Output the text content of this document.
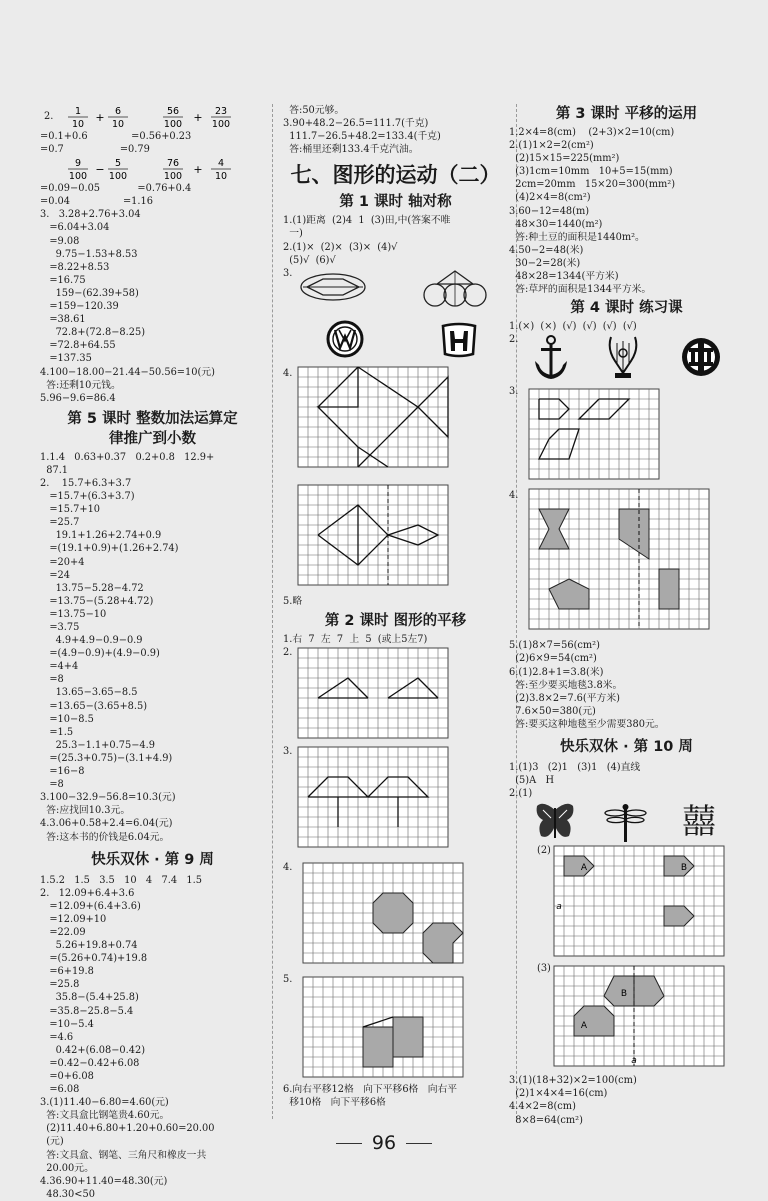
2. 1
10
+ 6
10
56
100
+ 23
100
=0.1+0.6              =0.56+0.23
=0.7                  =0.79
9
100
− 5
100
76
100
+ 4
10
=0.09−0.05            =0.76+0.4
=0.04                 =1.16
3.   3.28+2.76+3.04
=6.04+3.04
=9.08
9.75−1.53+8.53
=8.22+8.53
=16.75
159−(62.39+58)
=159−120.39
=38.61
72.8+(72.8−8.25)
=72.8+64.55
=137.35
4.100−18.00−21.44−50.56=10(元)
答:还剩10元钱。
5.96−9.6=86.4
第 5 课时 整数加法运算定
律推广到小数
1.1.4   0.63+0.37   0.2+0.8   12.9+
87.1
2.    15.7+6.3+3.7
=15.7+(6.3+3.7)
=15.7+10
=25.7
19.1+1.26+2.74+0.9
=(19.1+0.9)+(1.26+2.74)
=20+4
=24
13.75−5.28−4.72
=13.75−(5.28+4.72)
=13.75−10
=3.75
4.9+4.9−0.9−0.9
=(4.9−0.9)+(4.9−0.9)
=4+4
=8
13.65−3.65−8.5
=13.65−(3.65+8.5)
=10−8.5
=1.5
25.3−1.1+0.75−4.9
=(25.3+0.75)−(3.1+4.9)
=16−8
=8
3.100−32.9−56.8=10.3(元)
答:应找回10.3元。
4.3.06+0.58+2.4=6.04(元)
答:这本书的价钱是6.04元。
快乐双休 · 第 9 周
1.5.2   1.5   3.5   10   4   7.4   1.5
2.   12.09+6.4+3.6
=12.09+(6.4+3.6)
=12.09+10
=22.09
5.26+19.8+0.74
=(5.26+0.74)+19.8
=6+19.8
=25.8
35.8−(5.4+25.8)
=35.8−25.8−5.4
=10−5.4
=4.6
0.42+(6.08−0.42)
=0.42−0.42+6.08
=0+6.08
=6.08
3.(1)11.40−6.80=4.60(元)
答:文具盒比钢笔贵4.60元。
(2)11.40+6.80+1.20+0.60=20.00
(元)
答:文具盒、钢笔、三角尺和橡皮一共
20.00元。
4.36.90+11.40=48.30(元)
48.30<50
答:50元够。
3.90+48.2−26.5=111.7(千克)
111.7−26.5+48.2=133.4(千克)
答:桶里还剩133.4千克汽油。
七、图形的运动（二）
第 1 课时 轴对称
1.(1)距离  (2)4  1  (3)田,中(答案不唯
一)
2.(1)×  (2)×  (3)×  (4)√
(5)√  (6)√
3.
4.
5.略
第 2 课时 图形的平移
1.右  7  左  7  上  5  (或上5左7)
2.
3.
4.
5.
6.向右平移12格   向下平移6格   向右平
移10格   向下平移6格
第 3 课时 平移的运用
1.2×4=8(cm)    (2+3)×2=10(cm)
2.(1)1×2=2(cm²)
(2)15×15=225(mm²)
(3)1cm=10mm   10+5=15(mm)
2cm=20mm   15×20=300(mm²)
(4)2×4=8(cm²)
3.60−12=48(m)
48×30=1440(m²)
答:种土豆的面积是1440m²。
4.50−2=48(米)
30−2=28(米)
48×28=1344(平方米)
答:草坪的面积是1344平方米。
第 4 课时 练习课
1.(×)  (×)  (√)  (√)  (√)  (√)
2.
3.
4.
5.(1)8×7=56(cm²)
(2)6×9=54(cm²)
6.(1)2.8+1=3.8(米)
答:至少要买地毯3.8米。
(2)3.8×2=7.6(平方米)
7.6×50=380(元)
答:要买这种地毯至少需要380元。
快乐双休 · 第 10 周
1.(1)3   (2)1   (3)1   (4)直线
(5)A   H
2.(1)
囍
(2)
A	B
a
(3)
B
A
a
3.(1)(18+32)×2=100(cm)
(2)1×4×4=16(cm)
4.4×2=8(cm)
8×8=64(cm²)
96
